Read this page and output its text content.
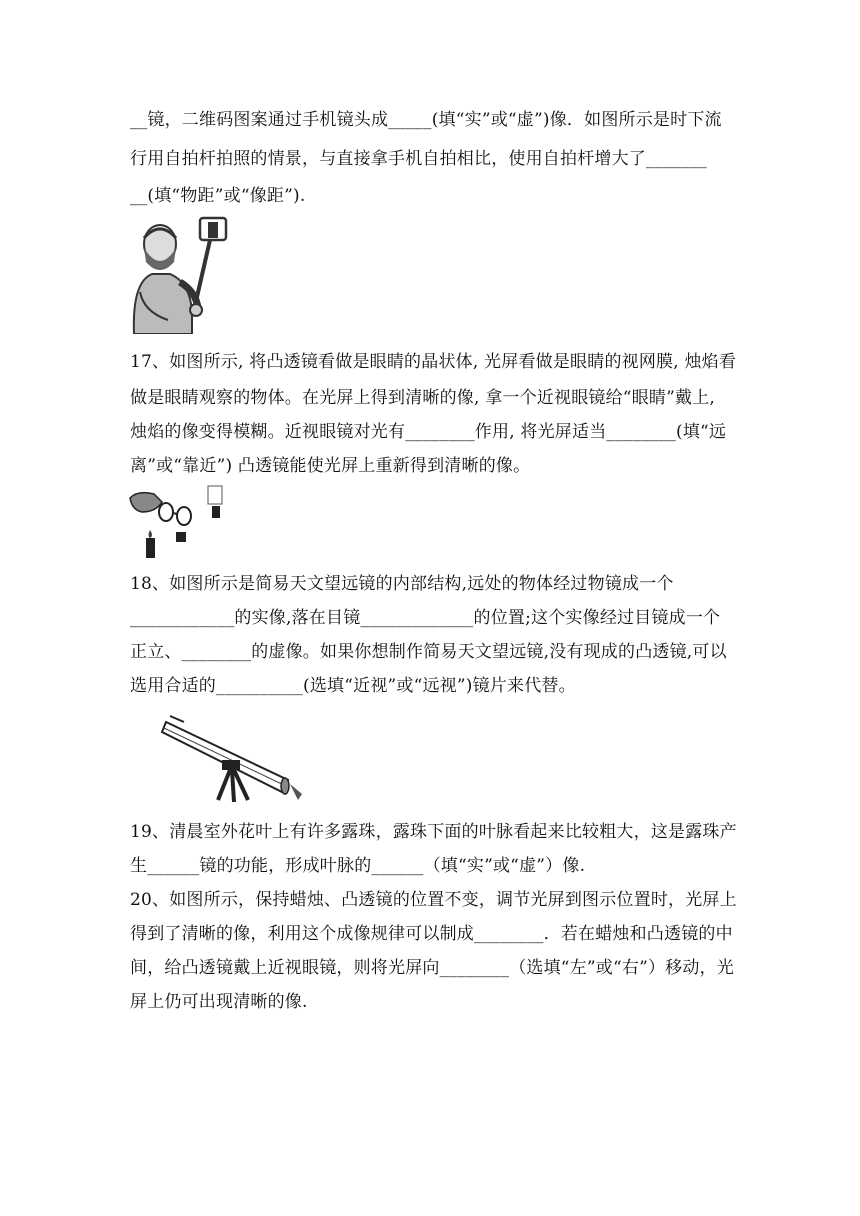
__镜，二维码图案通过手机镜头成_____(填“实”或“虚”)像．如图所示是时下流
行用自拍杆拍照的情景，与直接拿手机自拍相比，使用自拍杆增大了_______
__(填“物距”或“像距”).
17、如图所示, 将凸透镜看做是眼睛的晶状体, 光屏看做是眼睛的视网膜, 烛焰看
做是眼睛观察的物体。在光屏上得到清晰的像, 拿一个近视眼镜给“眼睛”戴上,
烛焰的像变得模糊。近视眼镜对光有________作用, 将光屏适当________(填“远
离”或“靠近”) 凸透镜能使光屏上重新得到清晰的像。
18、如图所示是简易天文望远镜的内部结构,远处的物体经过物镜成一个
____________的实像,落在目镜_____________的位置;这个实像经过目镜成一个
正立、________的虚像。如果你想制作简易天文望远镜,没有现成的凸透镜,可以
选用合适的__________(选填“近视”或“远视”)镜片来代替。
19、清晨室外花叶上有许多露珠，露珠下面的叶脉看起来比较粗大，这是露珠产
生______镜的功能，形成叶脉的______（填“实”或“虚”）像.
20、如图所示，保持蜡烛、凸透镜的位置不变，调节光屏到图示位置时，光屏上
得到了清晰的像，利用这个成像规律可以制成________．若在蜡烛和凸透镜的中
间，给凸透镜戴上近视眼镜，则将光屏向________（选填“左”或“右”）移动，光
屏上仍可出现清晰的像.
